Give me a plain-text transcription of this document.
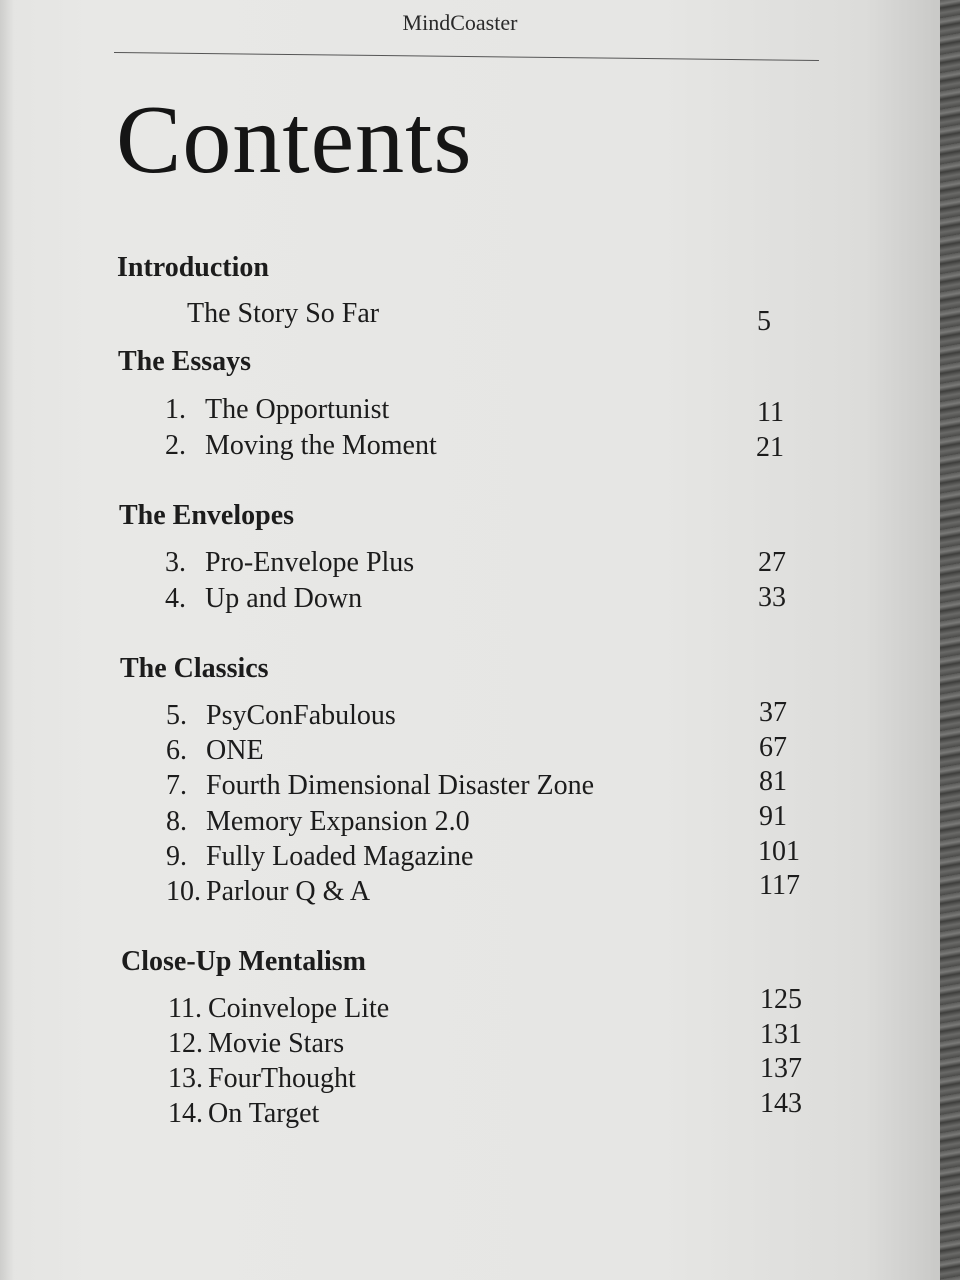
MindCoaster
Contents
Introduction
The Story So Far	5
The Essays
1. The Opportunist	11
2. Moving the Moment	21
The Envelopes
3. Pro-Envelope Plus	27
4. Up and Down	33
The Classics
5. PsyConFabulous	37
6. ONE	67
7. Fourth Dimensional Disaster Zone	81
8. Memory Expansion 2.0	91
9. Fully Loaded Magazine	101
10. Parlour Q & A	117
Close-Up Mentalism
11. Coinvelope Lite	125
12. Movie Stars	131
13. FourThought	137
14. On Target	143
